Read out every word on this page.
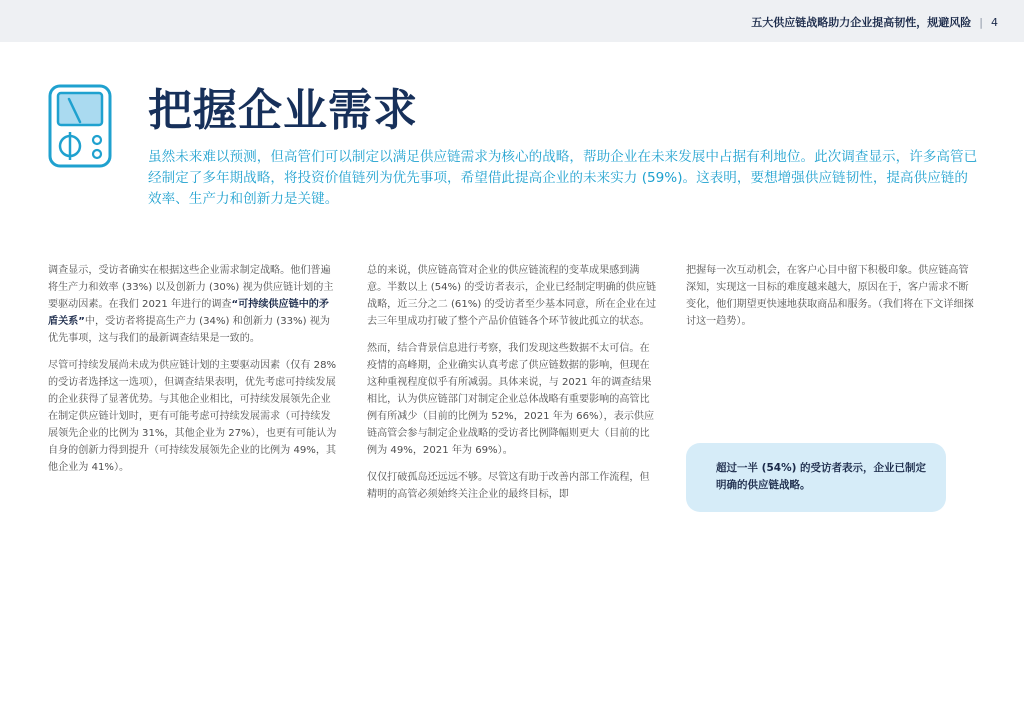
五大供应链战略助力企业提高韧性，规避风险 | 4
把握企业需求

虽然未来难以预测，但高管们可以制定以满足供应链需求为核心的战略，帮助企业在未来发展中占据有利地位。此次调查显示，许多高管已经制定了多年期战略，将投资价值链列为优先事项，希望借此提高企业的未来实力 (59%)。这表明，要想增强供应链韧性，提高供应链的效率、生产力和创新力是关键。

调查显示，受访者确实在根据这些企业需求制定战略。他们普遍将生产力和效率 (33%) 以及创新力 (30%) 视为供应链计划的主要驱动因素。在我们 2021 年进行的调查“可持续供应链中的矛盾关系”中，受访者将提高生产力 (34%) 和创新力 (33%) 视为优先事项，这与我们的最新调查结果是一致的。

尽管可持续发展尚未成为供应链计划的主要驱动因素（仅有 28% 的受访者选择这一选项），但调查结果表明，优先考虑可持续发展的企业获得了显著优势。与其他企业相比，可持续发展领先企业在制定供应链计划时，更有可能考虑可持续发展需求（可持续发展领先企业的比例为 31%，其他企业为 27%），也更有可能认为自身的创新力得到提升（可持续发展领先企业的比例为 49%，其他企业为 41%）。

总的来说，供应链高管对企业的供应链流程的变革成果感到满意。半数以上 (54%) 的受访者表示，企业已经制定明确的供应链战略，近三分之二 (61%) 的受访者至少基本同意，所在企业在过去三年里成功打破了整个产品价值链各个环节彼此孤立的状态。

然而，结合背景信息进行考察，我们发现这些数据不太可信。在疫情的高峰期，企业确实认真考虑了供应链数据的影响，但现在这种重视程度似乎有所减弱。具体来说，与 2021 年的调查结果相比，认为供应链部门对制定企业总体战略有重要影响的高管比例有所减少（目前的比例为 52%，2021 年为 66%），表示供应链高管会参与制定企业战略的受访者比例降幅则更大（目前的比例为 49%，2021 年为 69%）。

仅仅打破孤岛还远远不够。尽管这有助于改善内部工作流程，但精明的高管必须始终关注企业的最终目标，即

把握每一次互动机会，在客户心目中留下积极印象。供应链高管深知，实现这一目标的难度越来越大，原因在于，客户需求不断变化，他们期望更快速地获取商品和服务。（我们将在下文详细探讨这一趋势）。

超过一半 (54%) 的受访者表示，企业已制定明确的供应链战略。
